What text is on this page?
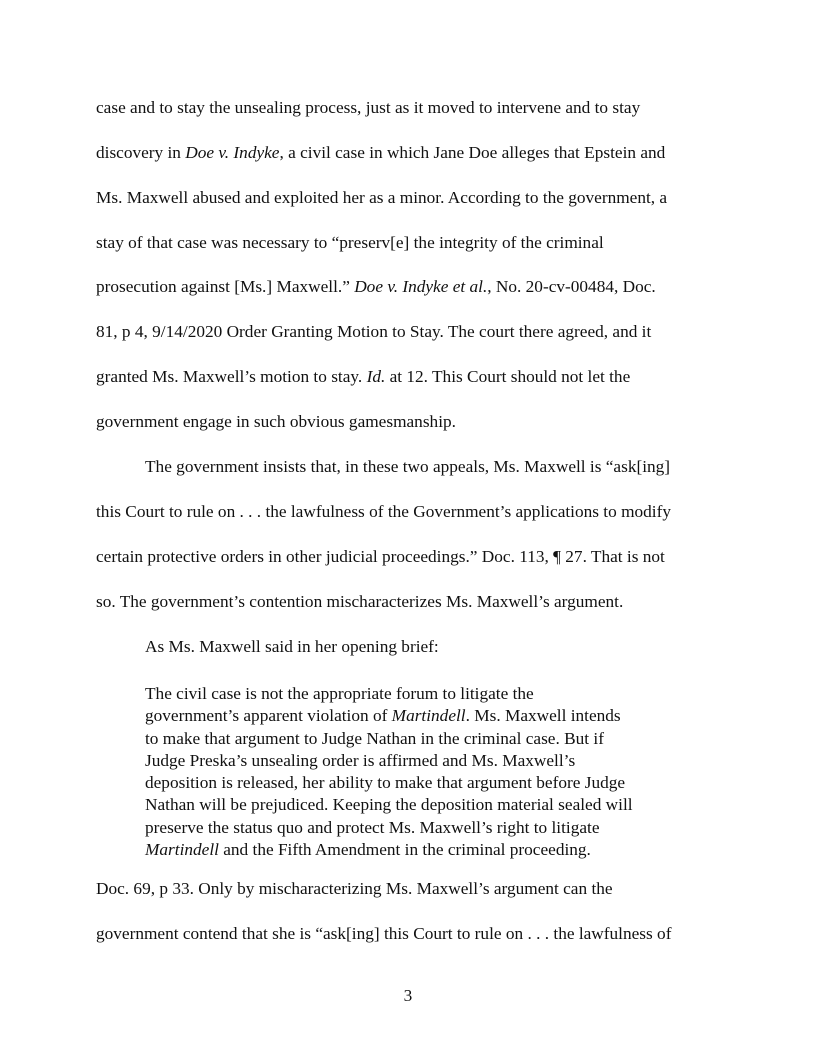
case and to stay the unsealing process, just as it moved to intervene and to stay
discovery in Doe v. Indyke, a civil case in which Jane Doe alleges that Epstein and
Ms. Maxwell abused and exploited her as a minor. According to the government, a
stay of that case was necessary to “preserv[e] the integrity of the criminal
prosecution against [Ms.] Maxwell.” Doe v. Indyke et al., No. 20-cv-00484, Doc.
81, p 4, 9/14/2020 Order Granting Motion to Stay. The court there agreed, and it
granted Ms. Maxwell’s motion to stay. Id. at 12. This Court should not let the
government engage in such obvious gamesmanship.
The government insists that, in these two appeals, Ms. Maxwell is “ask[ing]
this Court to rule on . . . the lawfulness of the Government’s applications to modify
certain protective orders in other judicial proceedings.” Doc. 113, ¶ 27. That is not
so. The government’s contention mischaracterizes Ms. Maxwell’s argument.
As Ms. Maxwell said in her opening brief:
The civil case is not the appropriate forum to litigate the
government’s apparent violation of Martindell. Ms. Maxwell intends
to make that argument to Judge Nathan in the criminal case. But if
Judge Preska’s unsealing order is affirmed and Ms. Maxwell’s
deposition is released, her ability to make that argument before Judge
Nathan will be prejudiced. Keeping the deposition material sealed will
preserve the status quo and protect Ms. Maxwell’s right to litigate
Martindell and the Fifth Amendment in the criminal proceeding.
Doc. 69, p 33. Only by mischaracterizing Ms. Maxwell’s argument can the
government contend that she is “ask[ing] this Court to rule on . . . the lawfulness of
3
